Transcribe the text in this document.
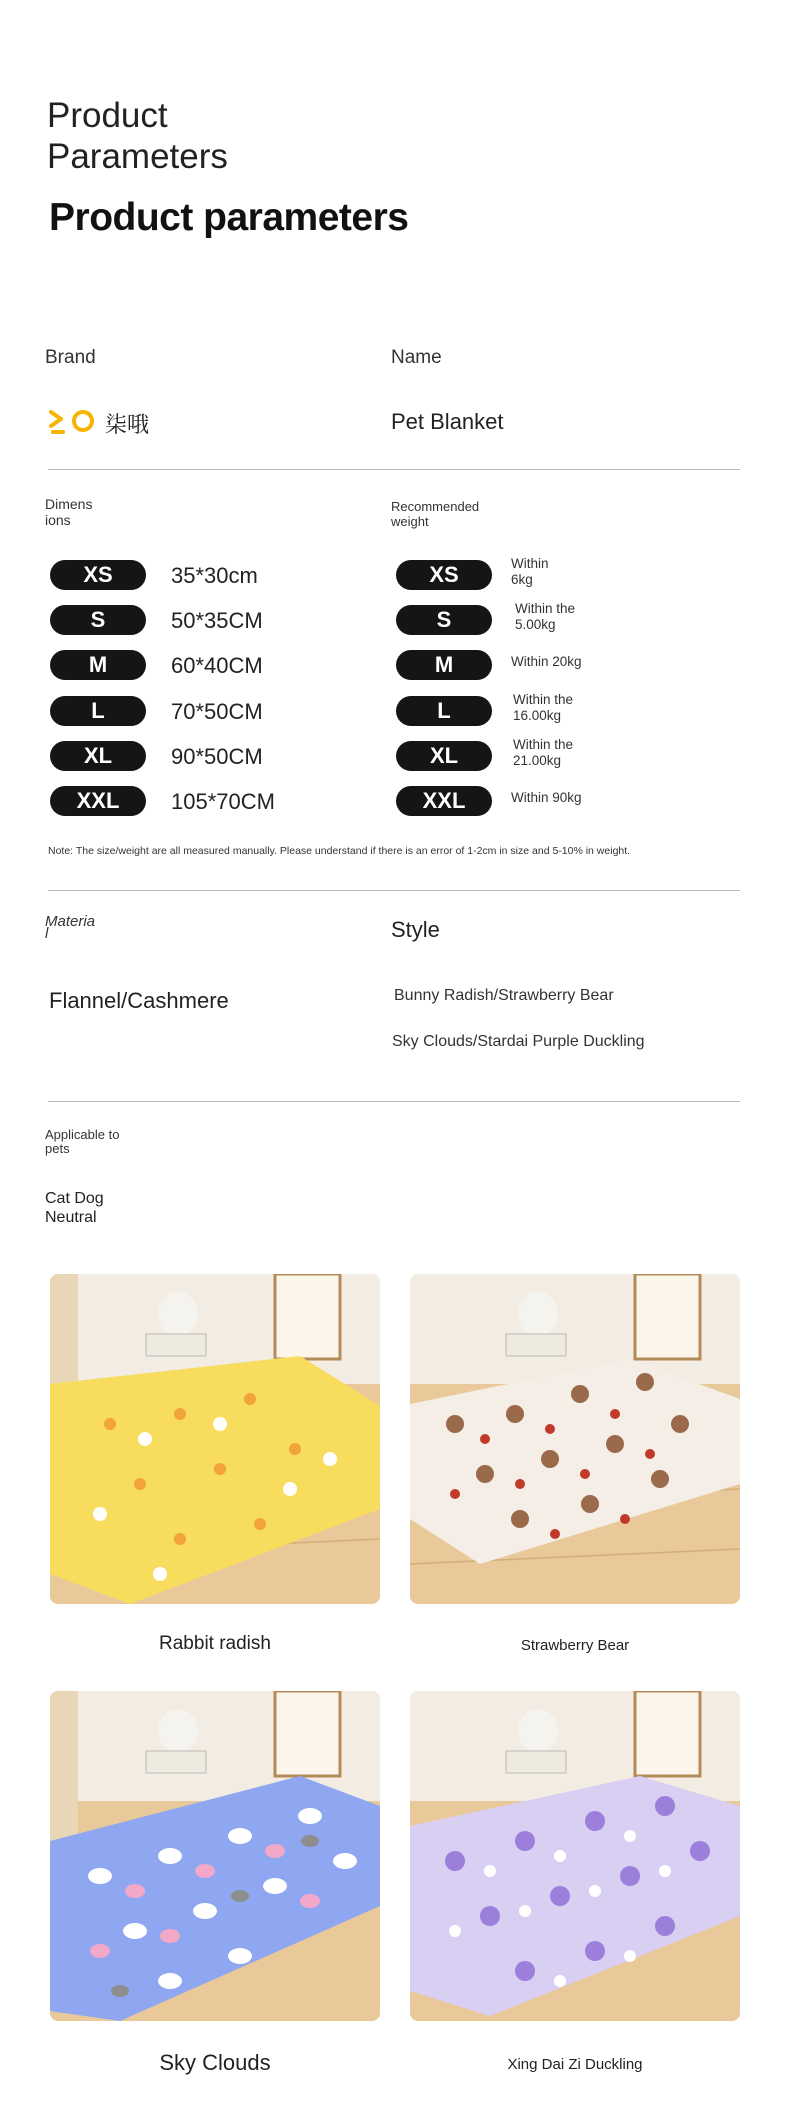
Product
Parameters
Product parameters
Brand	Name
柒哦	Pet Blanket
Dimens
ions
Recommended
weight
XS	35*30cm
S	50*35CM
M	60*40CM
L	70*50CM
XL	90*50CM
XXL	105*70CM
XS	Within
6kg
S	Within the
5.00kg
M	Within 20kg
L	Within the
16.00kg
XL	Within the
21.00kg
XXL	Within 90kg
Note: The size/weight are all measured manually. Please understand if there is an error of 1-2cm in size and 5-10% in weight.
Materia
l	Style
Flannel/Cashmere	Bunny Radish/Strawberry Bear
Sky Clouds/Stardai Purple Duckling
Applicable to
pets
Cat Dog
Neutral
Rabbit radish	Strawberry Bear
Sky Clouds	Xing Dai Zi Duckling
